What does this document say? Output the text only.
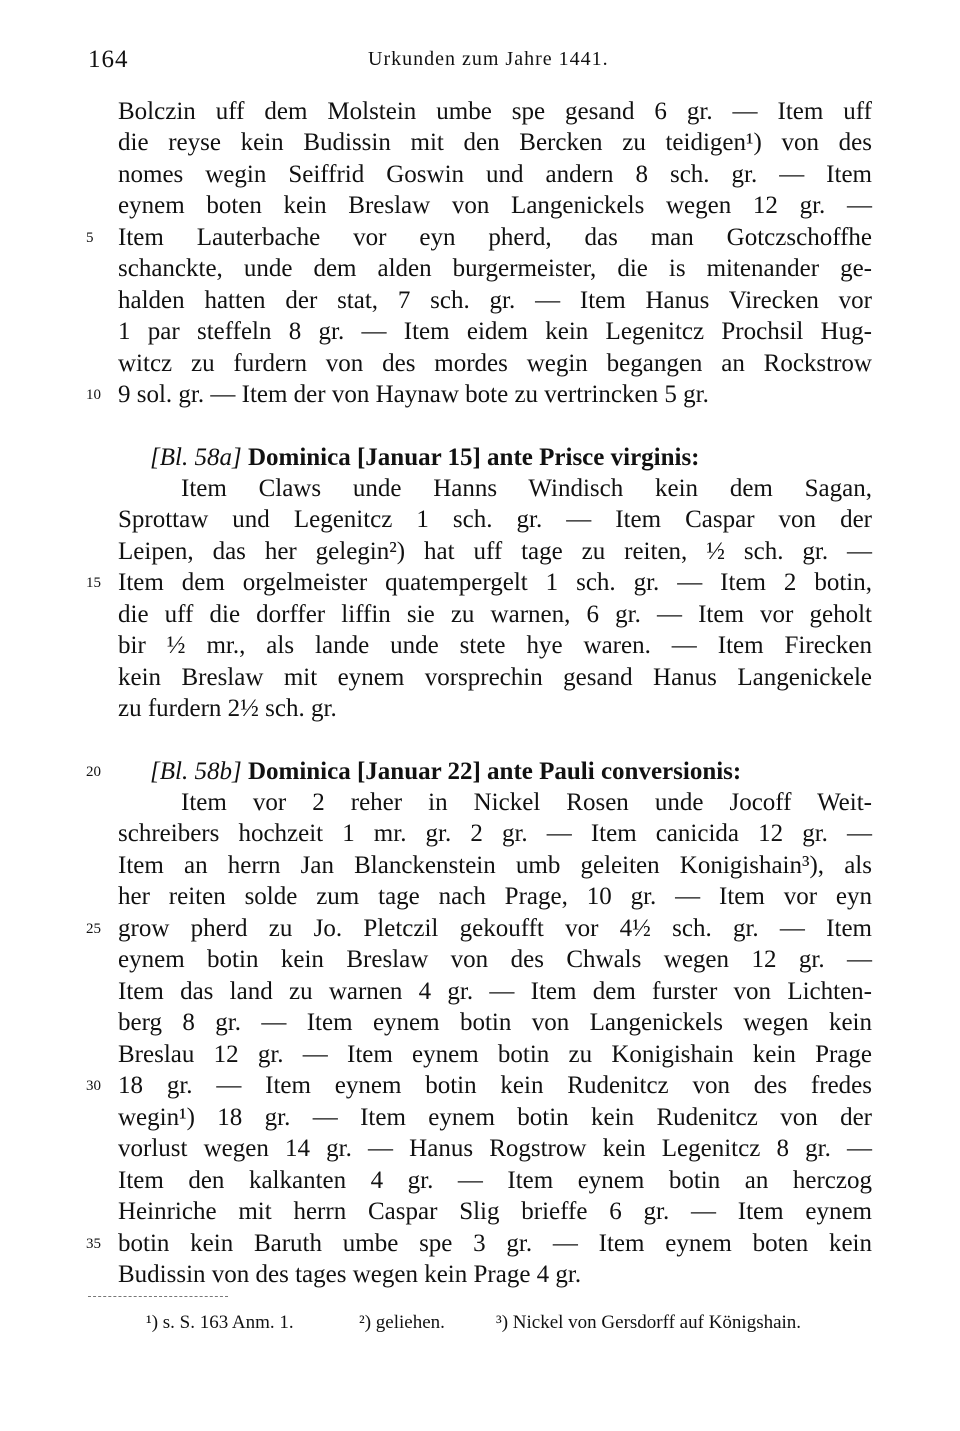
164	Urkunden zum Jahre 1441.
Bolczin uff dem Molstein umbe spe gesand 6 gr. — Item uff
die reyse kein Budissin mit den Bercken zu teidigen¹) von des
nomes wegin Seiffrid Goswin und andern 8 sch. gr. — Item
eynem boten kein Breslaw von Langenickels wegen 12 gr. —
Item Lauterbache vor eyn pherd, das man Gotczschoffhe
schanckte, unde dem alden burgermeister, die is mitenander ge-
halden hatten der stat, 7 sch. gr. — Item Hanus Virecken vor
1 par steffeln 8 gr. — Item eidem kein Legenitcz Prochsil Hug-
witcz zu furdern von des mordes wegin begangen an Rockstrow
9 sol. gr. — Item der von Haynaw bote zu vertrincken 5 gr.
Item Claws unde Hanns Windisch kein dem Sagan,
Sprottaw und Legenitcz 1 sch. gr. — Item Caspar von der
Leipen, das her gelegin²) hat uff tage zu reiten, ½ sch. gr. —
Item dem orgelmeister quatempergelt 1 sch. gr. — Item 2 botin,
die uff die dorffer liffin sie zu warnen, 6 gr. — Item vor geholt
bir ½ mr., als lande unde stete hye waren. — Item Firecken
kein Breslaw mit eynem vorsprechin gesand Hanus Langenickele
zu furdern 2½ sch. gr.
Item vor 2 reher in Nickel Rosen unde Jocoff Weit-
schreibers hochzeit 1 mr. gr. 2 gr. — Item canicida 12 gr. —
Item an herrn Jan Blanckenstein umb geleiten Konigishain³), als
her reiten solde zum tage nach Prage, 10 gr. — Item vor eyn
grow pherd zu Jo. Pletczil gekoufft vor 4½ sch. gr. — Item
eynem botin kein Breslaw von des Chwals wegen 12 gr. —
Item das land zu warnen 4 gr. — Item dem furster von Lichten-
berg 8 gr. — Item eynem botin von Langenickels wegen kein
Breslau 12 gr. — Item eynem botin zu Konigishain kein Prage
18 gr. — Item eynem botin kein Rudenitcz von des fredes
wegin¹) 18 gr. — Item eynem botin kein Rudenitcz von der
vorlust wegen 14 gr. — Hanus Rogstrow kein Legenitcz 8 gr. —
Item den kalkanten 4 gr. — Item eynem botin an herczog
Heinriche mit herrn Caspar Slig brieffe 6 gr. — Item eynem
botin kein Baruth umbe spe 3 gr. — Item eynem boten kein
Budissin von des tages wegen kein Prage 4 gr.
[Bl. 58a] Dominica [Januar 15] ante Prisce virginis:
[Bl. 58b] Dominica [Januar 22] ante Pauli conversionis:
5
10
15
20
25
30
35
¹) s. S. 163 Anm. 1.	²) geliehen.	³) Nickel von Gersdorff auf Königshain.
